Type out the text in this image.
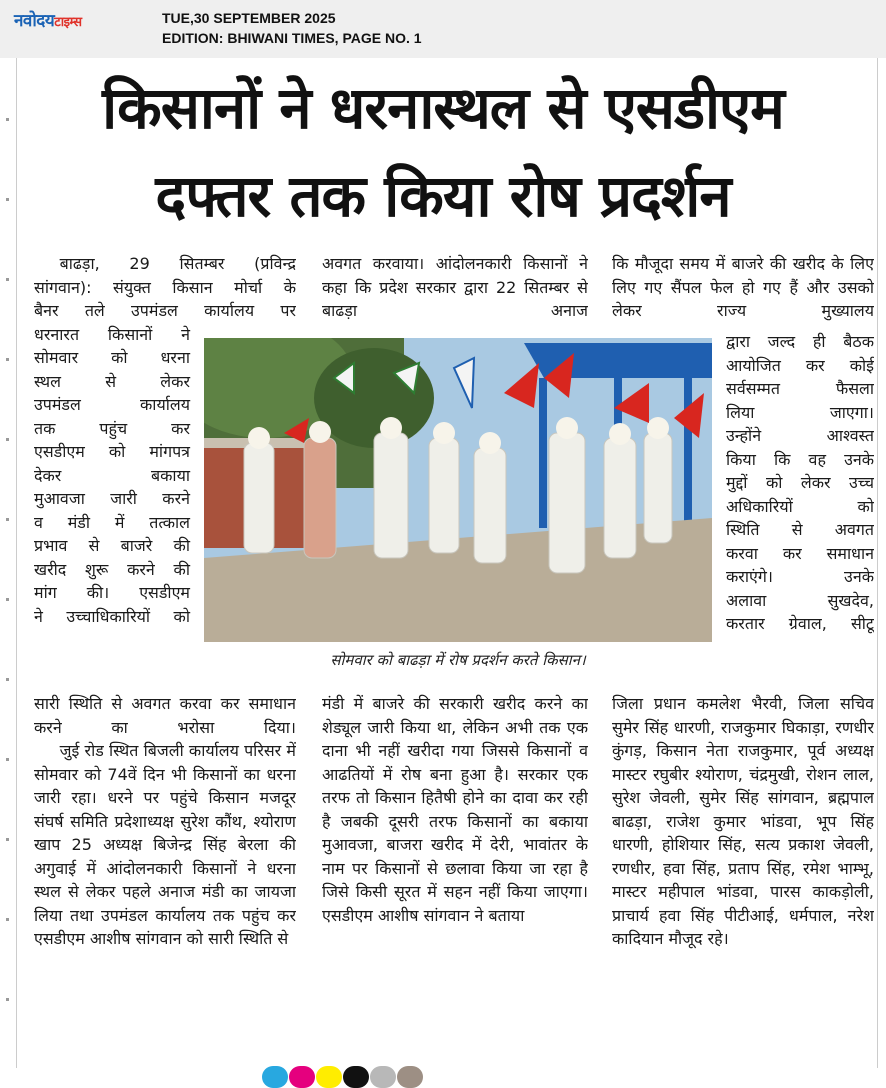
नवोदयटाइम्स	TUE,30 SEPTEMBER 2025
EDITION: BHIWANI TIMES, PAGE NO. 1
किसानों ने धरनास्थल से एसडीएम
दफ्तर तक किया रोष प्रदर्शन
बाढड़ा, 29 सितम्बर (प्रविन्द्र
सांगवान): संयुक्त किसान मोर्चा के
बैनर तले उपमंडल कार्यालय पर
धरनारत किसानों ने
सोमवार को धरना
स्थल से लेकर
उपमंडल कार्यालय
तक पहुंच कर
एसडीएम को मांगपत्र
देकर बकाया
मुआवजा जारी करने
व मंडी में तत्काल
प्रभाव से बाजरे की
खरीद शुरू करने की
मांग की। एसडीएम
ने उच्चाधिकारियों को

सारी स्थिति से अवगत करवा कर समाधान करने का भरोसा दिया।

जुई रोड स्थित बिजली कार्यालय परिसर में सोमवार को 74वें दिन भी किसानों का धरना जारी रहा। धरने पर पहुंचे किसान मजदूर संघर्ष समिति प्रदेशाध्यक्ष सुरेश कौंथ, श्योराण खाप 25 अध्यक्ष बिजेन्द्र सिंह बेरला की अगुवाई में आंदोलनकारी किसानों ने धरना स्थल से लेकर पहले अनाज मंडी का जायजा लिया तथा उपमंडल कार्यालय तक पहुंच कर एसडीएम आशीष सांगवान को सारी स्थिति से

अवगत करवाया। आंदोलनकारी किसानों ने कहा कि प्रदेश सरकार द्वारा 22 सितम्बर से बाढड़ा अनाज

मंडी में बाजरे की सरकारी खरीद करने का शेड्यूल जारी किया था, लेकिन अभी तक एक दाना भी नहीं खरीदा गया जिससे किसानों व आढतियों में रोष बना हुआ है। सरकार एक तरफ तो किसान हितैषी होने का दावा कर रही है जबकी दूसरी तरफ किसानों का बकाया मुआवजा, बाजरा खरीद में देरी, भावांतर के नाम पर किसानों से छलावा किया जा रहा है जिसे किसी सूरत में सहन नहीं किया जाएगा। एसडीएम आशीष सांगवान ने बताया

कि मौजूदा समय में बाजरे की खरीद के लिए लिए गए सैंपल फेल हो गए हैं और उसको लेकर राज्य मुख्यालय

द्वारा जल्द ही बैठक
आयोजित कर कोई
सर्वसम्मत फैसला
लिया जाएगा।
उन्होंने आश्वस्त
किया कि वह उनके
मुद्दों को लेकर उच्च
अधिकारियों को
स्थिति से अवगत
करवा कर समाधान
कराएंगे। उनके
अलावा सुखदेव,
करतार ग्रेवाल, सीटू

जिला प्रधान कमलेश भैरवी, जिला सचिव सुमेर सिंह धारणी, राजकुमार घिकाड़ा, रणधीर कुंगड़, किसान नेता राजकुमार, पूर्व अध्यक्ष मास्टर रघुबीर श्योराण, चंद्रमुखी, रोशन लाल, सुरेश जेवली, सुमेर सिंह सांगवान, ब्रह्मपाल बाढड़ा, राजेश कुमार भांडवा, भूप सिंह धारणी, होशियार सिंह, सत्य प्रकाश जेवली, रणधीर, हवा सिंह, प्रताप सिंह, रमेश भाम्भू, मास्टर महीपाल भांडवा, पारस काकड़ोली, प्राचार्य हवा सिंह पीटीआई, धर्मपाल, नरेश कादियान मौजूद रहे।

सोमवार को बाढड़ा में रोष प्रदर्शन करते किसान।
